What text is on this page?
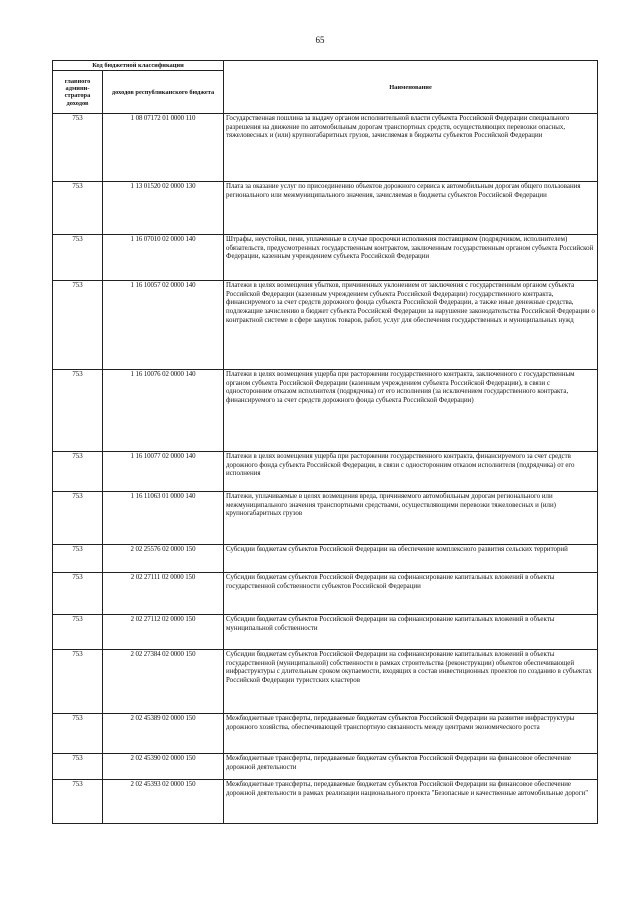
65
Код бюджетной классификации		Наименование
главного админи-стратора доходов	доходов республиканского бюджета	
753	1 08 07172 01 0000 110	Государственная пошлина за выдачу органом исполнительной власти субъекта Российской Федерации специального разрешения на движение по автомобильным дорогам транспортных средств, осуществляющих перевозки опасных, тяжеловесных и (или) крупногабаритных грузов, зачисляемая в бюджеты субъектов Российской Федерации
753	1 13 01520 02 0000 130	Плата за оказание услуг по присоединению объектов дорожного сервиса к автомобильным дорогам общего пользования регионального или межмуниципального значения, зачисляемая в бюджеты субъектов Российской Федерации
753	1 16 07010 02 0000 140	Штрафы, неустойки, пени, уплаченные в случае просрочки исполнения поставщиком (подрядчиком, исполнителем) обязательств, предусмотренных государственным контрактом, заключенным государственным органом субъекта Российской Федерации, казенным учреждением субъекта Российской Федерации
753	1 16 10057 02 0000 140	Платежи в целях возмещения убытков, причиненных уклонением от заключения с государственным органом субъекта Российской Федерации (казенным учреждением субъекта Российской Федерации) государственного контракта, финансируемого за счет средств дорожного фонда субъекта Российской Федерации, а также иные денежные средства, подлежащие зачислению в бюджет субъекта Российской Федерации за нарушение законодательства Российской Федерации о контрактной системе в сфере закупок товаров, работ, услуг для обеспечения государственных и муниципальных нужд
753	1 16 10076 02 0000 140	Платежи в целях возмещения ущерба при расторжении государственного контракта, заключенного с государственным органом субъекта Российской Федерации (казенным учреждением субъекта Российской Федерации), в связи с односторонним отказом исполнителя (подрядчика) от его исполнения (за исключением государственного контракта, финансируемого за счет средств дорожного фонда субъекта Российской Федерации)
753	1 16 10077 02 0000 140	Платежи в целях возмещения ущерба при расторжении государственного контракта, финансируемого за счет средств дорожного фонда субъекта Российской Федерации, в связи с односторонним отказом исполнителя (подрядчика) от его исполнения
753	1 16 11063 01 0000 140	Платежи, уплачиваемые в целях возмещения вреда, причиняемого автомобильным дорогам регионального или межмуниципального значения транспортными средствами, осуществляющими перевозки тяжеловесных и (или) крупногабаритных грузов
753	2 02 25576 02 0000 150	Субсидии бюджетам субъектов Российской Федерации на обеспечение комплексного развития сельских территорий
753	2 02 27111 02 0000 150	Субсидии бюджетам субъектов Российской Федерации на софинансирование капитальных вложений в объекты государственной собственности субъектов Российской Федерации
753	2 02 27112 02 0000 150	Субсидии бюджетам субъектов Российской Федерации на софинансирование капитальных вложений в объекты муниципальной собственности
753	2 02 27384 02 0000 150	Субсидии бюджетам субъектов Российской Федерации на софинансирование капитальных вложений в объекты государственной (муниципальной) собственности в рамках строительства (реконструкции) объектов обеспечивающей инфраструктуры с длительным сроком окупаемости, входящих в состав инвестиционных проектов по созданию в субъектах Российской Федерации туристских кластеров
753	2 02 45389 02 0000 150	Межбюджетные трансферты, передаваемые бюджетам субъектов Российской Федерации на развитие инфраструктуры дорожного хозяйства, обеспечивающей транспортную связанность между центрами экономического роста
753	2 02 45390 02 0000 150	Межбюджетные трансферты, передаваемые бюджетам субъектов Российской Федерации на финансовое обеспечение дорожной деятельности
753	2 02 45393 02 0000 150	Межбюджетные трансферты, передаваемые бюджетам субъектов Российской Федерации на финансовое обеспечение дорожной деятельности в рамках реализации национального проекта "Безопасные и качественные автомобильные дороги"
